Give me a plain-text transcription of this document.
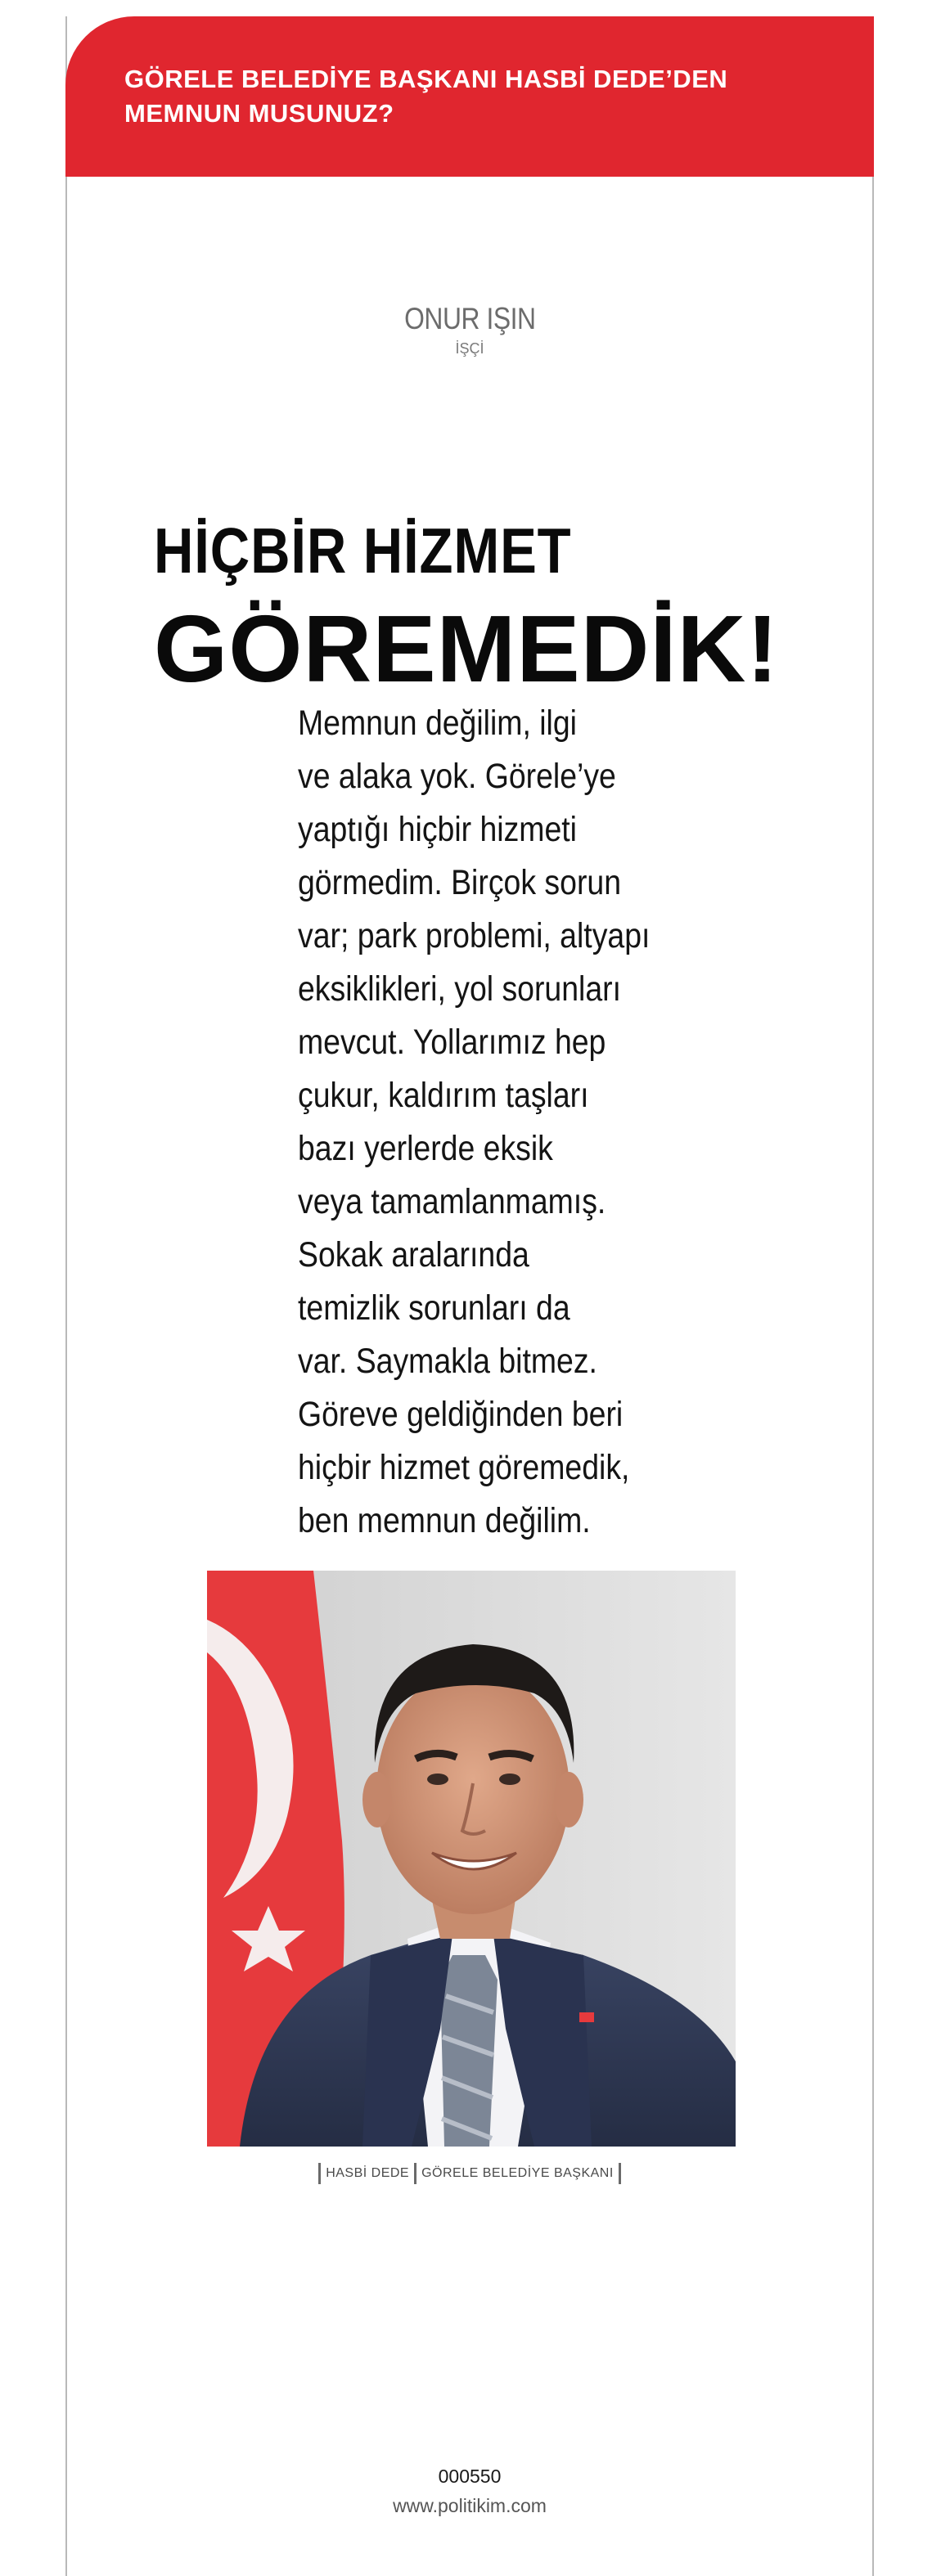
GÖRELE BELEDİYE BAŞKANI HASBİ DEDE’DEN

MEMNUN MUSUNUZ?

ONUR IŞIN
İŞÇİ
HİÇBİR HİZMET
GÖREMEDİK!
Memnun değilim, ilgi
ve alaka yok. Görele’ye
yaptığı hiçbir hizmeti
görmedim. Birçok sorun
var; park problemi, altyapı
eksiklikleri, yol sorunları
mevcut. Yollarımız hep
çukur, kaldırım taşları
bazı yerlerde eksik
veya tamamlanmamış.
Sokak aralarında
temizlik sorunları da
var. Saymakla bitmez.
Göreve geldiğinden beri
hiçbir hizmet göremedik,
ben memnun değilim.
HASBİ DEDE GÖRELE BELEDİYE BAŞKANI
000550
www.politikim.com
